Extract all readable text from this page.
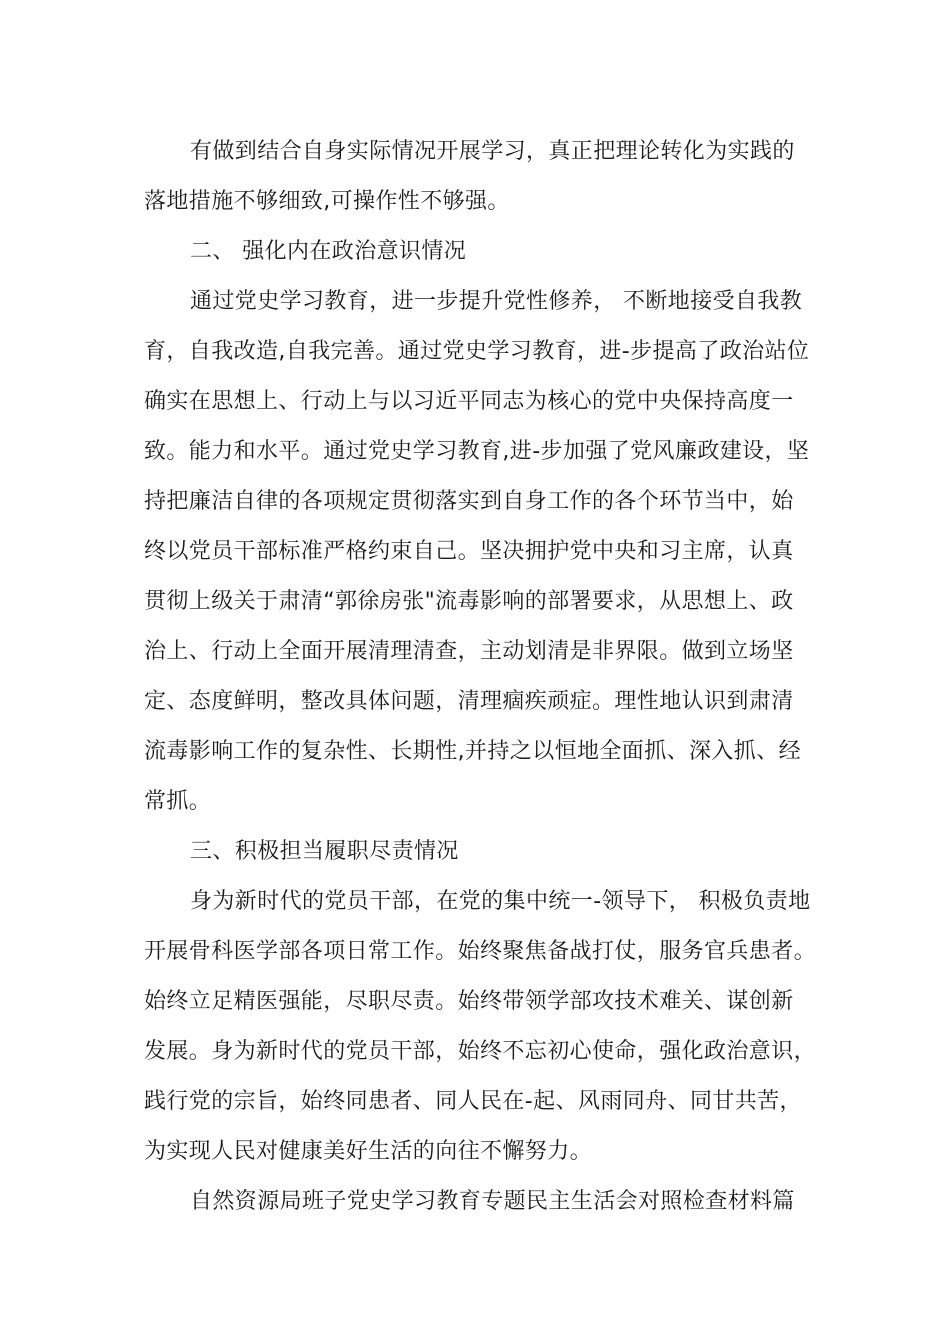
有做到结合自身实际情况开展学习，真正把理论转化为实践的
落地措施不够细致,可操作性不够强。
二、 强化内在政治意识情况
通过党史学习教育，进一步提升党性修养， 不断地接受自我教
育，自我改造,自我完善。通过党史学习教育，进-步提高了政治站位
确实在思想上、行动上与以习近平同志为核心的党中央保持高度一
致。能力和水平。通过党史学习教育,进-步加强了党风廉政建设，坚
持把廉洁自律的各项规定贯彻落实到自身工作的各个环节当中，始
终以党员干部标准严格约束自己。坚决拥护党中央和习主席，认真
贯彻上级关于肃清“郭徐房张"流毒影响的部署要求，从思想上、政
治上、行动上全面开展清理清查，主动划清是非界限。做到立场坚
定、态度鲜明，整改具体问题，清理痼疾顽症。理性地认识到肃清
流毒影响工作的复杂性、长期性,并持之以恒地全面抓、深入抓、经
常抓。
三、积极担当履职尽责情况
身为新时代的党员干部，在党的集中统一-领导下， 积极负责地
开展骨科医学部各项日常工作。始终聚焦备战打仗，服务官兵患者。
始终立足精医强能，尽职尽责。始终带领学部攻技术难关、谋创新
发展。身为新时代的党员干部，始终不忘初心使命，强化政治意识，
践行党的宗旨，始终同患者、同人民在-起、风雨同舟、同甘共苦，
为实现人民对健康美好生活的向往不懈努力。
自然资源局班子党史学习教育专题民主生活会对照检查材料篇
